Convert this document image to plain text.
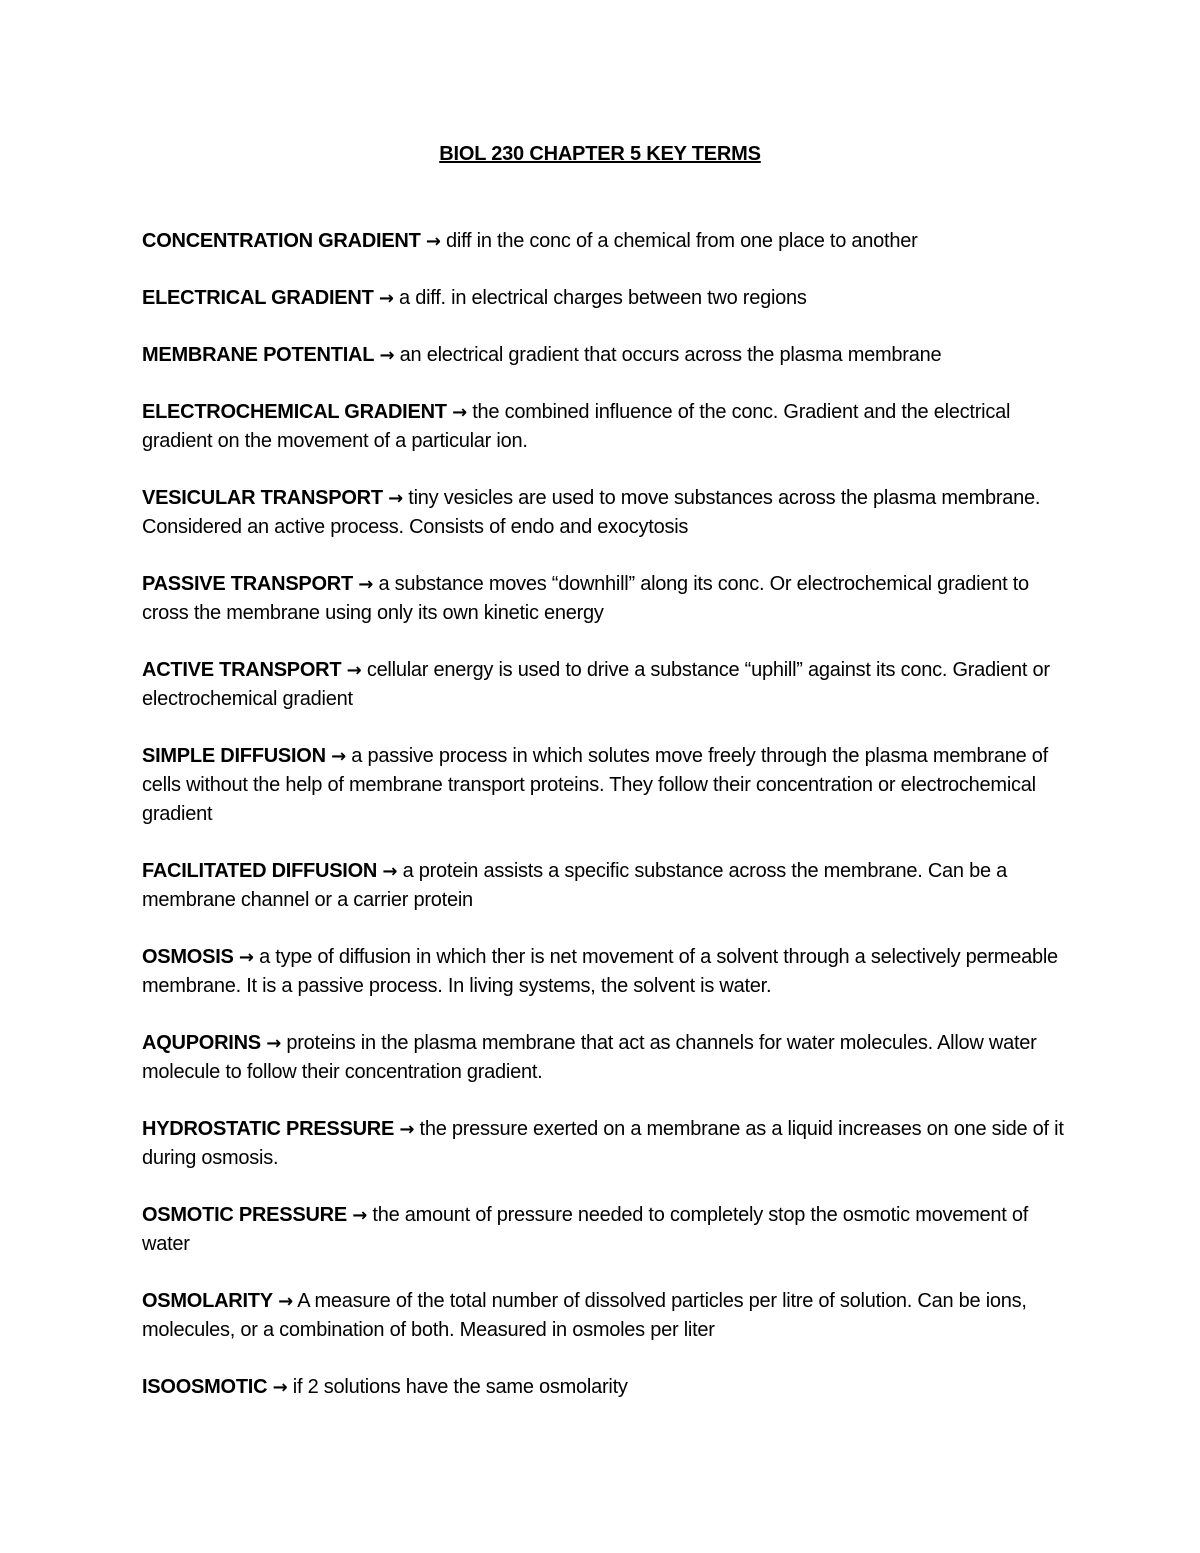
BIOL 230 CHAPTER 5 KEY TERMS
CONCENTRATION GRADIENT → diff in the conc of a chemical from one place to another
ELECTRICAL GRADIENT → a diff. in electrical charges between two regions
MEMBRANE POTENTIAL → an electrical gradient that occurs across the plasma membrane
ELECTROCHEMICAL GRADIENT → the combined influence of the conc. Gradient and the electrical gradient on the movement of a particular ion.
VESICULAR TRANSPORT → tiny vesicles are used to move substances across the plasma membrane. Considered an active process. Consists of endo and exocytosis
PASSIVE TRANSPORT → a substance moves “downhill” along its conc. Or electrochemical gradient to cross the membrane using only its own kinetic energy
ACTIVE TRANSPORT → cellular energy is used to drive a substance “uphill” against its conc. Gradient or electrochemical gradient
SIMPLE DIFFUSION → a passive process in which solutes move freely through the plasma membrane of cells without the help of membrane transport proteins. They follow their concentration or electrochemical gradient
FACILITATED DIFFUSION → a protein assists a specific substance across the membrane. Can be a membrane channel or a carrier protein
OSMOSIS → a type of diffusion in which ther is net movement of a solvent through a selectively permeable membrane. It is a passive process. In living systems, the solvent is water.
AQUPORINS → proteins in the plasma membrane that act as channels for water molecules. Allow water molecule to follow their concentration gradient.
HYDROSTATIC PRESSURE → the pressure exerted on a membrane as a liquid increases on one side of it during osmosis.
OSMOTIC PRESSURE → the amount of pressure needed to completely stop the osmotic movement of water
OSMOLARITY → A measure of the total number of dissolved particles per litre of solution. Can be ions, molecules, or a combination of both. Measured in osmoles per liter
ISOOSMOTIC → if 2 solutions have the same osmolarity
